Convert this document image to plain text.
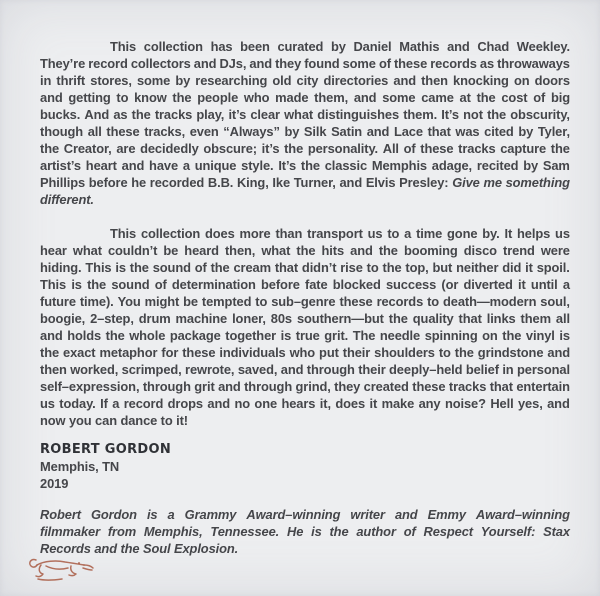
This collection has been curated by Daniel Mathis and Chad Weekley.
They’re record collectors and DJs, and they found some of these records as throwaways
in thrift stores, some by researching old city directories and then knocking on doors
and getting to know the people who made them, and some came at the cost of big
bucks. And as the tracks play, it’s clear what distinguishes them. It’s not the obscurity,
though all these tracks, even “Always” by Silk Satin and Lace that was cited by Tyler,
the Creator, are decidedly obscure; it’s the personality. All of these tracks capture the
artist’s heart and have a unique style. It’s the classic Memphis adage, recited by Sam
Phillips before he recorded B.B. King, Ike Turner, and Elvis Presley: Give me something
different.
This collection does more than transport us to a time gone by. It helps us
hear what couldn’t be heard then, what the hits and the booming disco trend were
hiding. This is the sound of the cream that didn’t rise to the top, but neither did it spoil.
This is the sound of determination before fate blocked success (or diverted it until a
future time). You might be tempted to sub–genre these records to death—modern soul,
boogie, 2–step, drum machine loner, 80s southern—but the quality that links them all
and holds the whole package together is true grit. The needle spinning on the vinyl is
the exact metaphor for these individuals who put their shoulders to the grindstone and
then worked, scrimped, rewrote, saved, and through their deeply–held belief in personal
self–expression, through grit and through grind, they created these tracks that entertain
us today. If a record drops and no one hears it, does it make any noise? Hell yes, and
now you can dance to it!
ROBERT GORDON
Memphis, TN
2019
Robert Gordon is a Grammy Award–winning writer and Emmy Award–winning
filmmaker from Memphis, Tennessee. He is the author of Respect Yourself: Stax
Records and the Soul Explosion.
